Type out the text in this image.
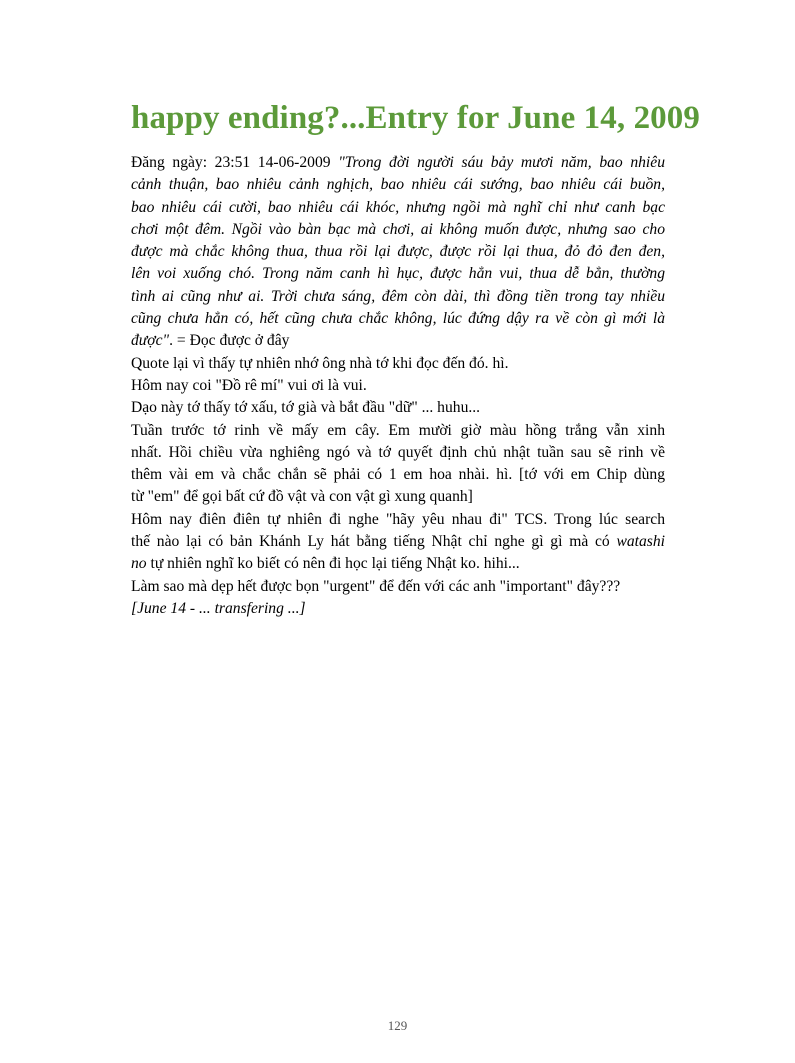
happy ending?...Entry for June 14, 2009
Đăng ngày: 23:51 14-06-2009 "Trong đời người sáu bảy mươi năm, bao nhiêu
cảnh thuận, bao nhiêu cảnh nghịch, bao nhiêu cái sướng, bao nhiêu cái buồn,
bao nhiêu cái cười, bao nhiêu cái khóc, nhưng ngồi mà nghĩ chỉ như canh bạc
chơi một đêm. Ngồi vào bàn bạc mà chơi, ai không muốn được, nhưng sao cho
được mà chắc không thua, thua rồi lại được, được rồi lại thua, đỏ đỏ đen đen,
lên voi xuống chó. Trong năm canh hì hục, được hẳn vui, thua dễ bẳn, thường
tình ai cũng như ai. Trời chưa sáng, đêm còn dài, thì đồng tiền trong tay nhiều
cũng chưa hẳn có, hết cũng chưa chắc không, lúc đứng dậy ra về còn gì mới là
được". = Đọc được ở đây
Quote lại vì thấy tự nhiên nhớ ông nhà tớ khi đọc đến đó. hì.
Hôm nay coi "Đồ rê mí" vui ơi là vui.
Dạo này tớ thấy tớ xấu, tớ già và bắt đầu "dữ" ... huhu...
Tuần trước tớ rinh về mấy em cây. Em mười giờ màu hồng trắng vẫn xinh
nhất. Hồi chiều vừa nghiêng ngó và tớ quyết định chủ nhật tuần sau sẽ rinh về
thêm vài em và chắc chắn sẽ phải có 1 em hoa nhài. hì. [tớ với em Chip dùng
từ "em" để gọi bất cứ đồ vật và con vật gì xung quanh]
Hôm nay điên điên tự nhiên đi nghe "hãy yêu nhau đi" TCS. Trong lúc search
thế nào lại có bản Khánh Ly hát bằng tiếng Nhật chỉ nghe gì gì mà có watashi
no tự nhiên nghĩ ko biết có nên đi học lại tiếng Nhật ko. hihi...
Làm sao mà dẹp hết được bọn "urgent" để đến với các anh "important" đây???
[June 14 - ... transfering ...]
129
